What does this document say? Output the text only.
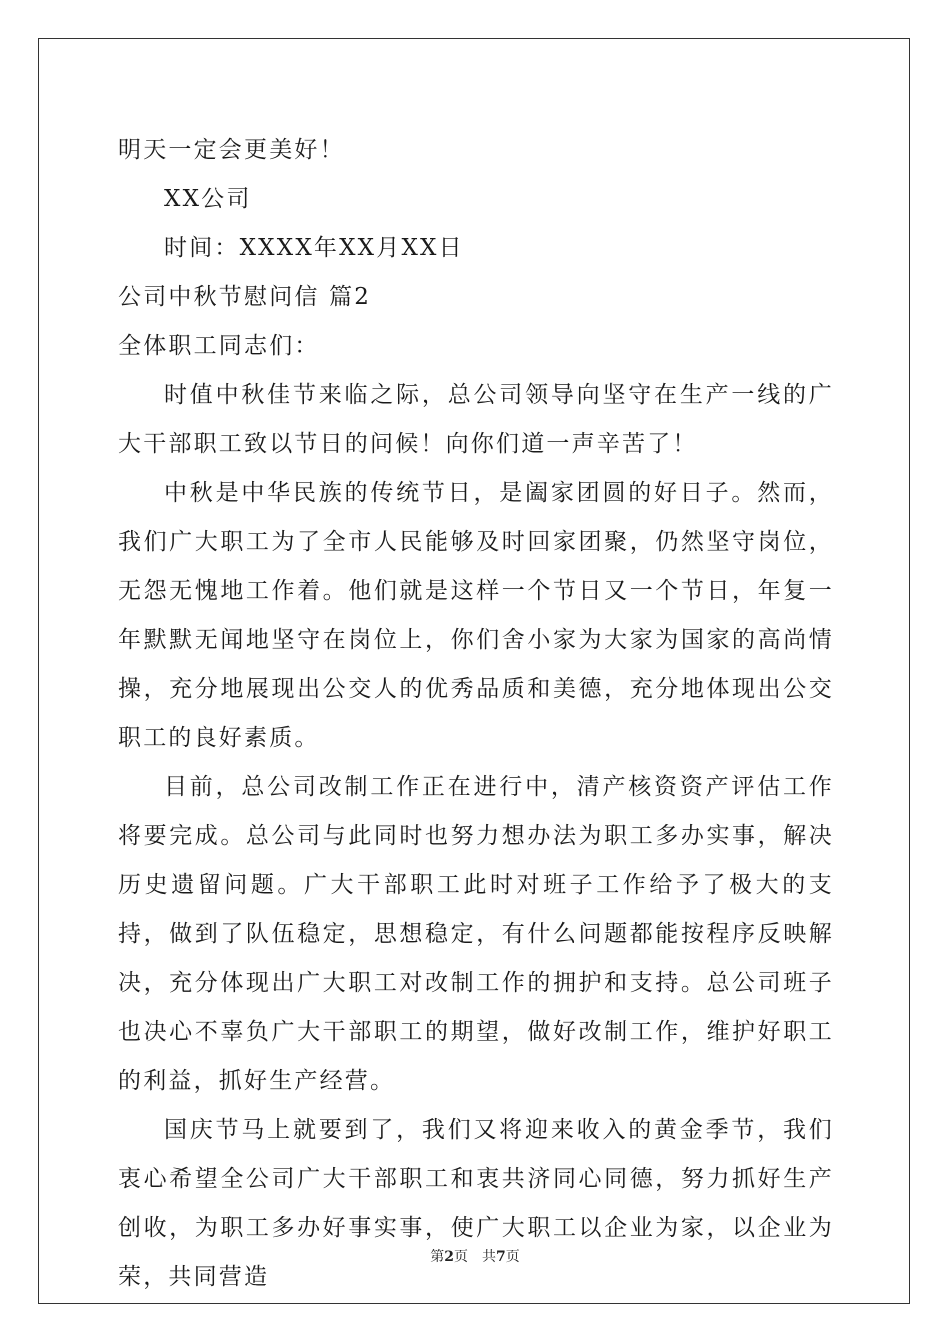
明天一定会更美好！
XX公司
时间：XXXX年XX月XX日
公司中秋节慰问信 篇2
全体职工同志们：

时值中秋佳节来临之际，总公司领导向坚守在生产一线的广大干部职工致以节日的问候！向你们道一声辛苦了！

中秋是中华民族的传统节日，是阖家团圆的好日子。然而，我们广大职工为了全市人民能够及时回家团聚，仍然坚守岗位，无怨无愧地工作着。他们就是这样一个节日又一个节日，年复一年默默无闻地坚守在岗位上，你们舍小家为大家为国家的高尚情操，充分地展现出公交人的优秀品质和美德，充分地体现出公交职工的良好素质。

目前，总公司改制工作正在进行中，清产核资资产评估工作将要完成。总公司与此同时也努力想办法为职工多办实事，解决历史遗留问题。广大干部职工此时对班子工作给予了极大的支持，做到了队伍稳定，思想稳定，有什么问题都能按程序反映解决，充分体现出广大职工对改制工作的拥护和支持。总公司班子也决心不辜负广大干部职工的期望，做好改制工作，维护好职工的利益，抓好生产经营。

国庆节马上就要到了，我们又将迎来收入的黄金季节，我们衷心希望全公司广大干部职工和衷共济同心同德，努力抓好生产创收，为职工多办好事实事，使广大职工以企业为家，以企业为荣，共同营造

第2页 共7页
